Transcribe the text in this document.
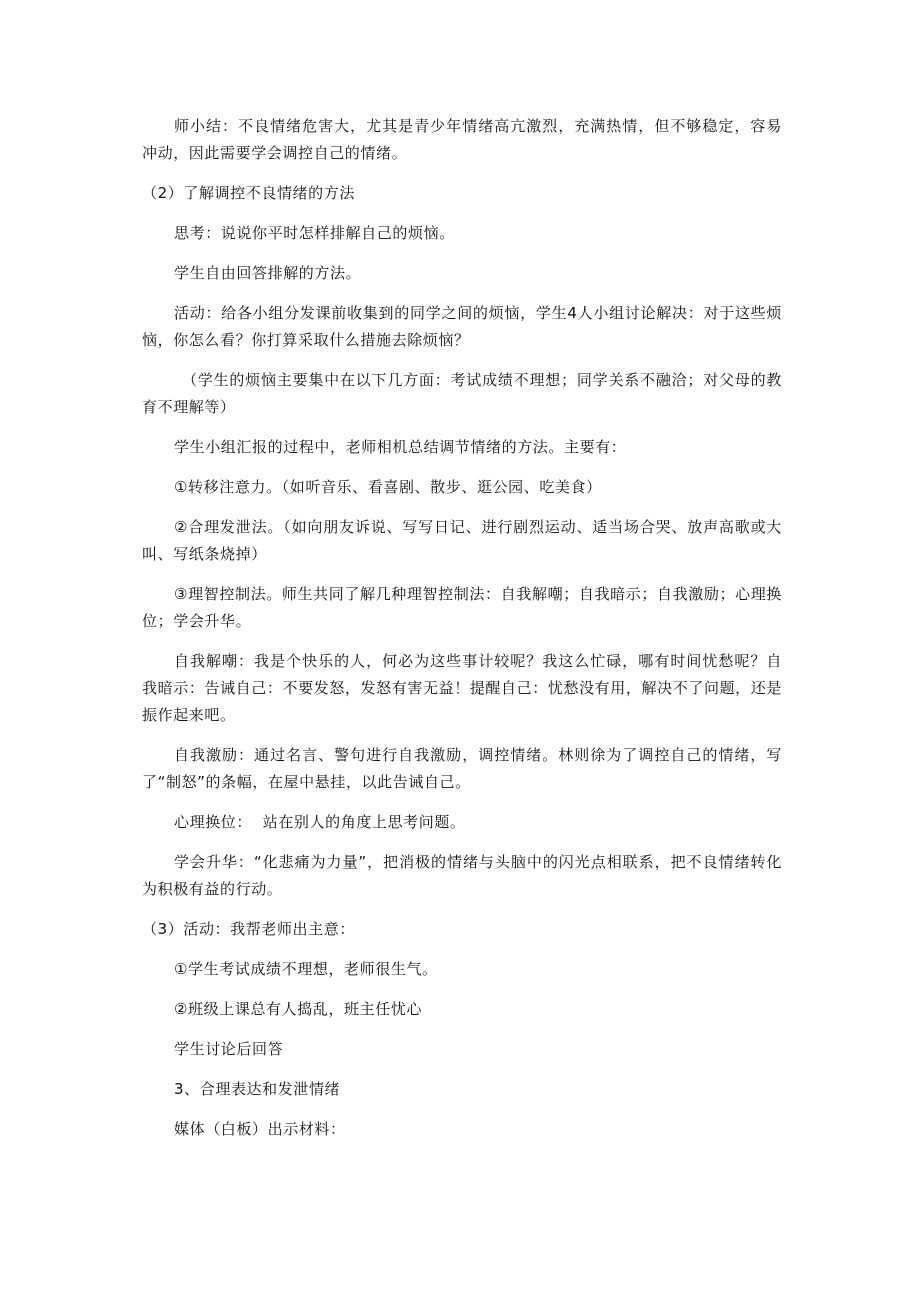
师小结：不良情绪危害大，尤其是青少年情绪高亢激烈，充满热情，但不够稳定，容易冲动，因此需要学会调控自己的情绪。

（2）了解调控不良情绪的方法

思考：说说你平时怎样排解自己的烦恼。

学生自由回答排解的方法。

活动：给各小组分发课前收集到的同学之间的烦恼，学生4人小组讨论解决：对于这些烦恼，你怎么看？你打算采取什么措施去除烦恼？

（学生的烦恼主要集中在以下几方面：考试成绩不理想；同学关系不融洽；对父母的教育不理解等）

学生小组汇报的过程中，老师相机总结调节情绪的方法。主要有：

①转移注意力。（如听音乐、看喜剧、散步、逛公园、吃美食）

②合理发泄法。（如向朋友诉说、写写日记、进行剧烈运动、适当场合哭、放声高歌或大叫、写纸条烧掉）

③理智控制法。师生共同了解几种理智控制法：自我解嘲；自我暗示；自我激励；心理换位；学会升华。

自我解嘲：我是个快乐的人，何必为这些事计较呢？我这么忙碌，哪有时间忧愁呢？自我暗示：告诫自己：不要发怒，发怒有害无益！提醒自己：忧愁没有用，解决不了问题，还是振作起来吧。

自我激励：通过名言、警句进行自我激励，调控情绪。林则徐为了调控自己的情绪，写了“制怒”的条幅，在屋中悬挂，以此告诫自己。

心理换位：  站在别人的角度上思考问题。

学会升华：“化悲痛为力量”，把消极的情绪与头脑中的闪光点相联系，把不良情绪转化为积极有益的行动。

（3）活动：我帮老师出主意：

①学生考试成绩不理想，老师很生气。

②班级上课总有人捣乱，班主任忧心

学生讨论后回答

3、合理表达和发泄情绪

媒体（白板）出示材料：
